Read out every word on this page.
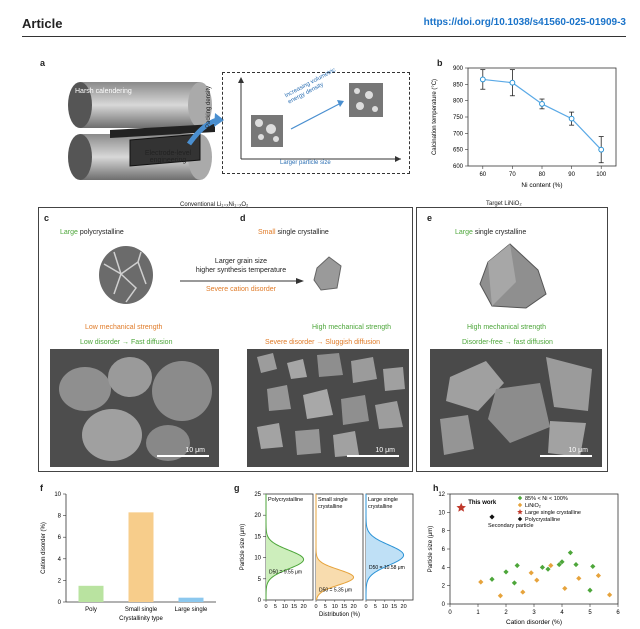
Article	https://doi.org/10.1038/s41560-025-01909-3
a
Harsh calendering
Electrode-level engineering
Packing density
Larger particle size
Increasing volumetric energy density
b
600
650
700
750
800
850
900
60	70	80	90	100
Ni content (%)
Calcination temperature (°C)
Conventional Li₁₊ₓNi₁₋ₓO₂	Target LiNiO₂
c
Large polycrystalline
Low mechanical strength
Low disorder → Fast diffusion
10 μm
d
Small single crystalline
Larger grain size
higher synthesis temperature
Severe cation disorder
High mechanical strength
Severe disorder → Sluggish diffusion
10 μm
e
Large single crystalline
High mechanical strength
Disorder-free → fast diffusion
10 μm
f
0
2
4
6
8
10
Poly	Small single	Large single
Crystallinity type
Cation disorder (%)
g
0
5
10
15
20
25
Particle size (μm)
Polycrystalline
D50 = 9.55 μm
0 5 10 15 20
Small single
crystalline
D50 = 5.35 μm
0 5 10 15 20
Large single
crystalline
D50 = 10.58 μm
0 5 10 15 20
Distribution (%)
h
0
2
4
6
8
10
12
0	1	2	3	4	5	6
Cation disorder (%)
Particle size (μm)
This work
Secondary particle
85% < Ni < 100%
LiNiO₂
Large single crystalline
Polycrystalline
